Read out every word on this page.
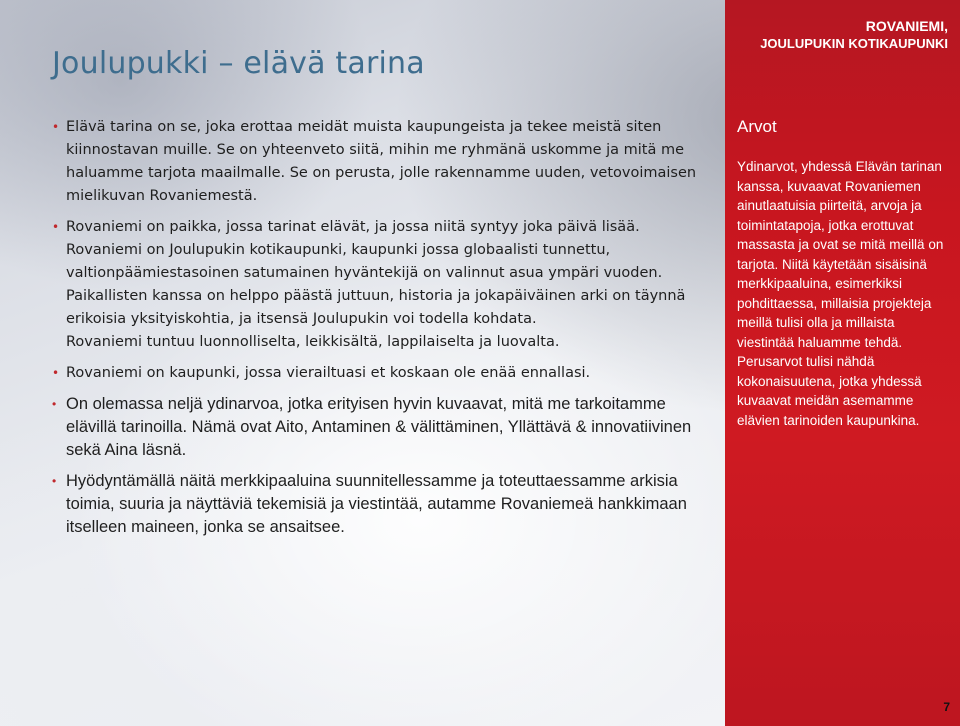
Joulupukki – elävä tarina
• Elävä tarina on se, joka erottaa meidät muista kaupungeista ja tekee meistä siten kiinnostavan muille. Se on yhteenveto siitä, mihin me ryhmänä uskomme ja mitä me haluamme tarjota maailmalle. Se on perusta, jolle rakennamme uuden, vetovoimaisen mielikuvan Rovaniemestä.

• Rovaniemi on paikka, jossa tarinat elävät, ja jossa niitä syntyy joka päivä lisää.

Rovaniemi on Joulupukin kotikaupunki, kaupunki jossa globaalisti tunnettu, valtionpäämiestasoinen satumainen hyväntekijä on valinnut asua ympäri vuoden.

Paikallisten kanssa on helppo päästä juttuun, historia ja jokapäiväinen arki on täynnä erikoisia yksityiskohtia, ja itsensä Joulupukin voi todella kohdata.

Rovaniemi tuntuu luonnolliselta, leikkisältä, lappilaiselta ja luovalta.

• Rovaniemi on kaupunki, jossa vierailtuasi et koskaan ole enää ennallasi.

• On olemassa neljä ydinarvoa, jotka erityisen hyvin kuvaavat, mitä me tarkoitamme elävillä tarinoilla. Nämä ovat Aito, Antaminen & välittäminen, Yllättävä & innovatiivinen sekä Aina läsnä.

• Hyödyntämällä näitä merkkipaaluina suunnitellessamme ja toteuttaessamme arkisia toimia, suuria ja näyttäviä tekemisiä ja viestintää, autamme Rovaniemeä hankkimaan itselleen maineen, jonka se ansaitsee.

ROVANIEMI,
JOULUPUKIN KOTIKAUPUNKI
Arvot

Ydinarvot, yhdessä Elävän tarinan kanssa, kuvaavat Rovaniemen ainutlaatuisia piirteitä, arvoja ja toimintatapoja, jotka erottuvat massasta ja ovat se mitä meillä on tarjota. Niitä käytetään sisäisinä merkkipaaluina, esimerkiksi pohdittaessa, millaisia projekteja meillä tulisi olla ja millaista viestintää haluamme tehdä. Perusarvot tulisi nähdä kokonaisuutena, jotka yhdessä kuvaavat meidän asemamme elävien tarinoiden kaupunkina.

7
